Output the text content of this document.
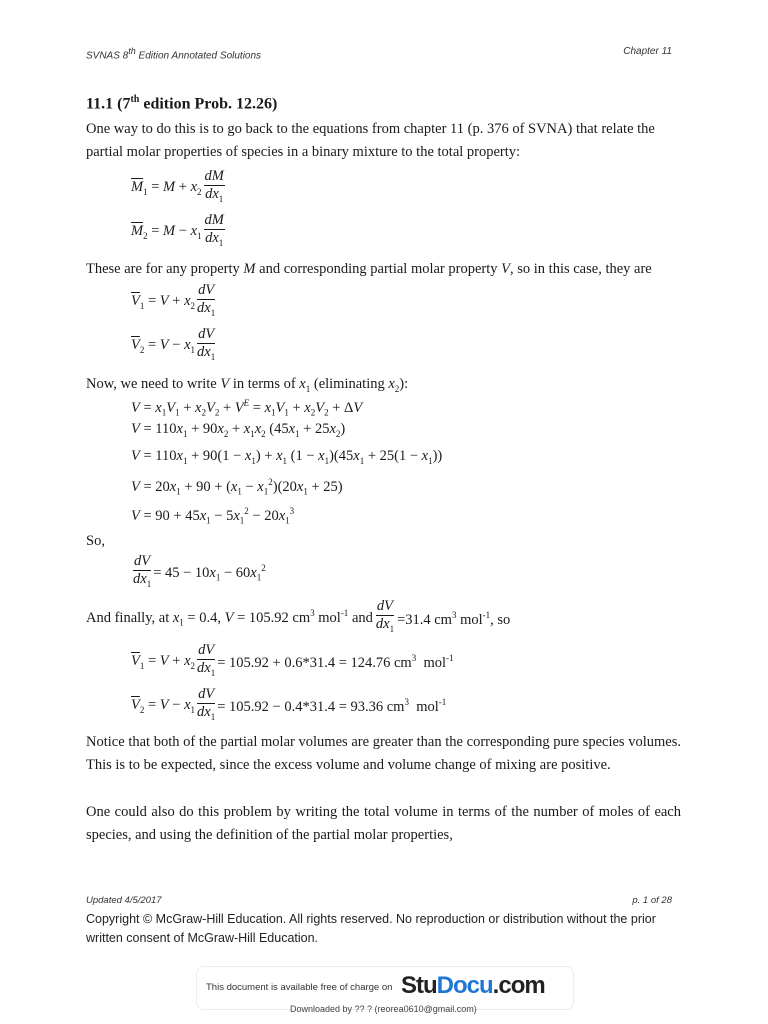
SVNAS 8th Edition Annotated Solutions	Chapter 11
11.1 (7th edition Prob. 12.26)
One way to do this is to go back to the equations from chapter 11 (p. 376 of SVNA) that relate the partial molar properties of species in a binary mixture to the total property:
$\overline{M}_1 = M + x_2 \frac{dM}{dx_1}$
$\overline{M}_2 = M - x_1 \frac{dM}{dx_1}$
These are for any property M and corresponding partial molar property V, so in this case, they are
$\overline{V}_1 = V + x_2 \frac{dV}{dx_1}$
$\overline{V}_2 = V - x_1 \frac{dV}{dx_1}$
Now, we need to write V in terms of $x_1$ (eliminating $x_2$):
$V = x_1V_1 + x_2V_2 + V^E = x_1V_1 + x_2V_2 + \Delta V$
$V = 110x_1 + 90x_2 + x_1x_2$ $(45x_1 + 25x_2)$
$V = 110x_1 + 90(1 - x_1) + x_1$ $(1 - x_1)(45x_1 + 25(1 - x_1))$
$V = 20x_1 + 90 + (x_1 - x_1^2)(20x_1 + 25)$
$V = 90 + 45x_1 - 5x_1^2 - 20x_1^3$
So,
$\frac{dV}{dx_1} = 45 - 10x_1 - 60x_1^2$
And finally, at $x_1 = 0.4$, V = 105.92 $cm^3$ mol$^{-1}$ and $\frac{dV}{dx_1} =31.4$ $cm^3$ mol$^{-1}$, so
$\overline{V}_1 = V + x_2 \frac{dV}{dx_1} = 105.92 + 0.6*31.4 = 124.76$ $cm^3$  mol$^{-1}$
$\overline{V}_2 = V - x_1 \frac{dV}{dx_1} = 105.92 - 0.4*31.4 = 93.36$ $cm^3$  mol$^{-1}$
Notice that both of the partial molar volumes are greater than the corresponding pure species volumes. This is to be expected, since the excess volume and volume change of mixing are positive.
One could also do this problem by writing the total volume in terms of the number of moles of each species, and using the definition of the partial molar properties,
Updated 4/5/2017	p. 1 of 28
Copyright © McGraw-Hill Education. All rights reserved. No reproduction or distribution without the prior written consent of McGraw-Hill Education.
This document is available free of charge on StuDocu.com
Downloaded by ?? ? (reorea0610@gmail.com)
